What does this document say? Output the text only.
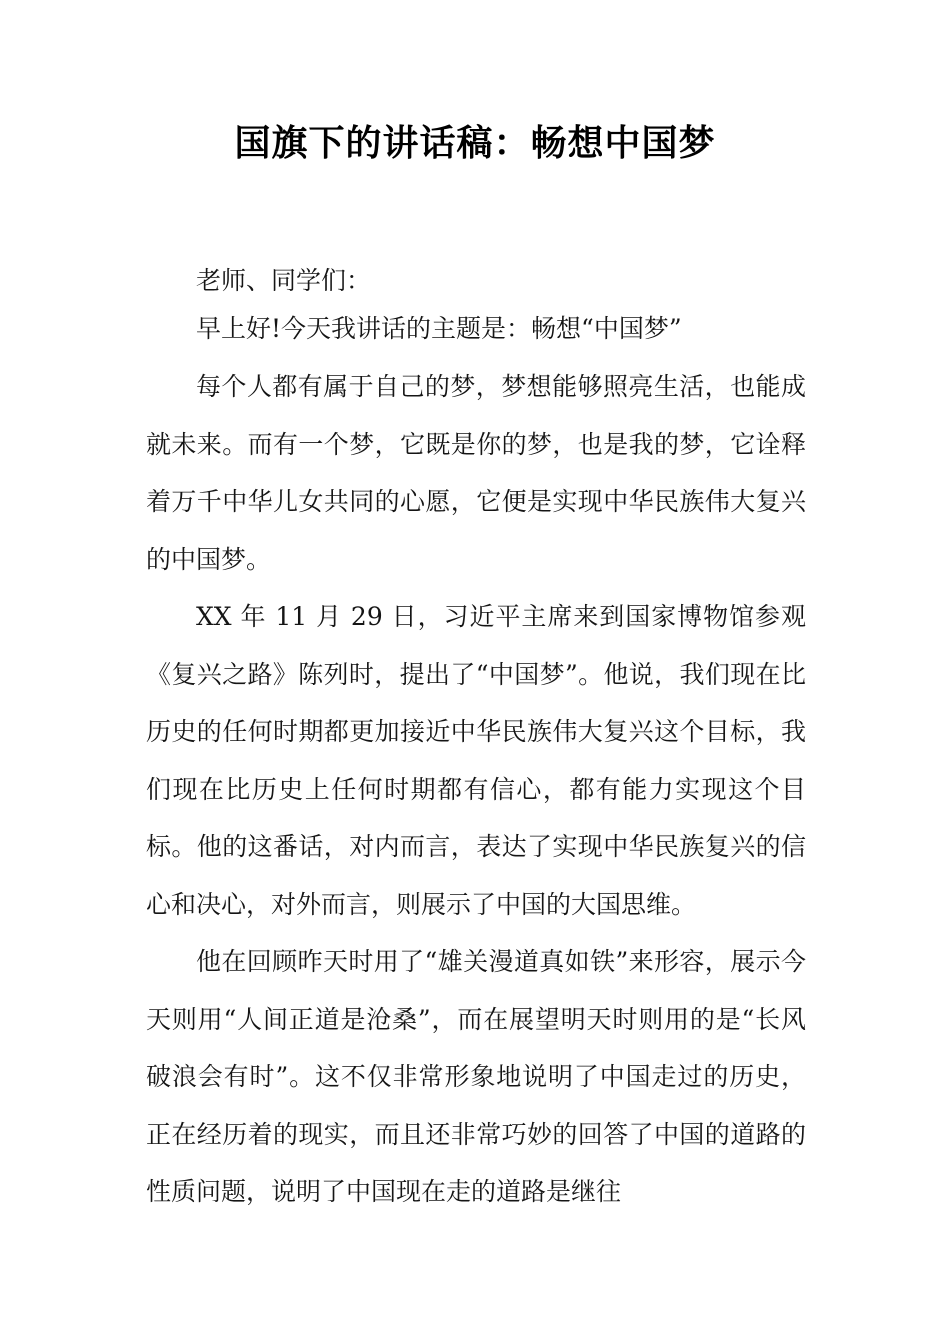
国旗下的讲话稿：畅想中国梦
老师、同学们：
早上好!今天我讲话的主题是：畅想“中国梦”

每个人都有属于自己的梦，梦想能够照亮生活，也能成就未来。而有一个梦，它既是你的梦，也是我的梦，它诠释着万千中华儿女共同的心愿，它便是实现中华民族伟大复兴的中国梦。

XX 年 11 月 29 日，习近平主席来到国家博物馆参观《复兴之路》陈列时，提出了“中国梦”。他说，我们现在比历史的任何时期都更加接近中华民族伟大复兴这个目标，我们现在比历史上任何时期都有信心，都有能力实现这个目标。他的这番话，对内而言，表达了实现中华民族复兴的信心和决心，对外而言，则展示了中国的大国思维。

他在回顾昨天时用了“雄关漫道真如铁”来形容，展示今天则用“人间正道是沧桑”，而在展望明天时则用的是“长风破浪会有时”。这不仅非常形象地说明了中国走过的历史，正在经历着的现实，而且还非常巧妙的回答了中国的道路的性质问题，说明了中国现在走的道路是继往
